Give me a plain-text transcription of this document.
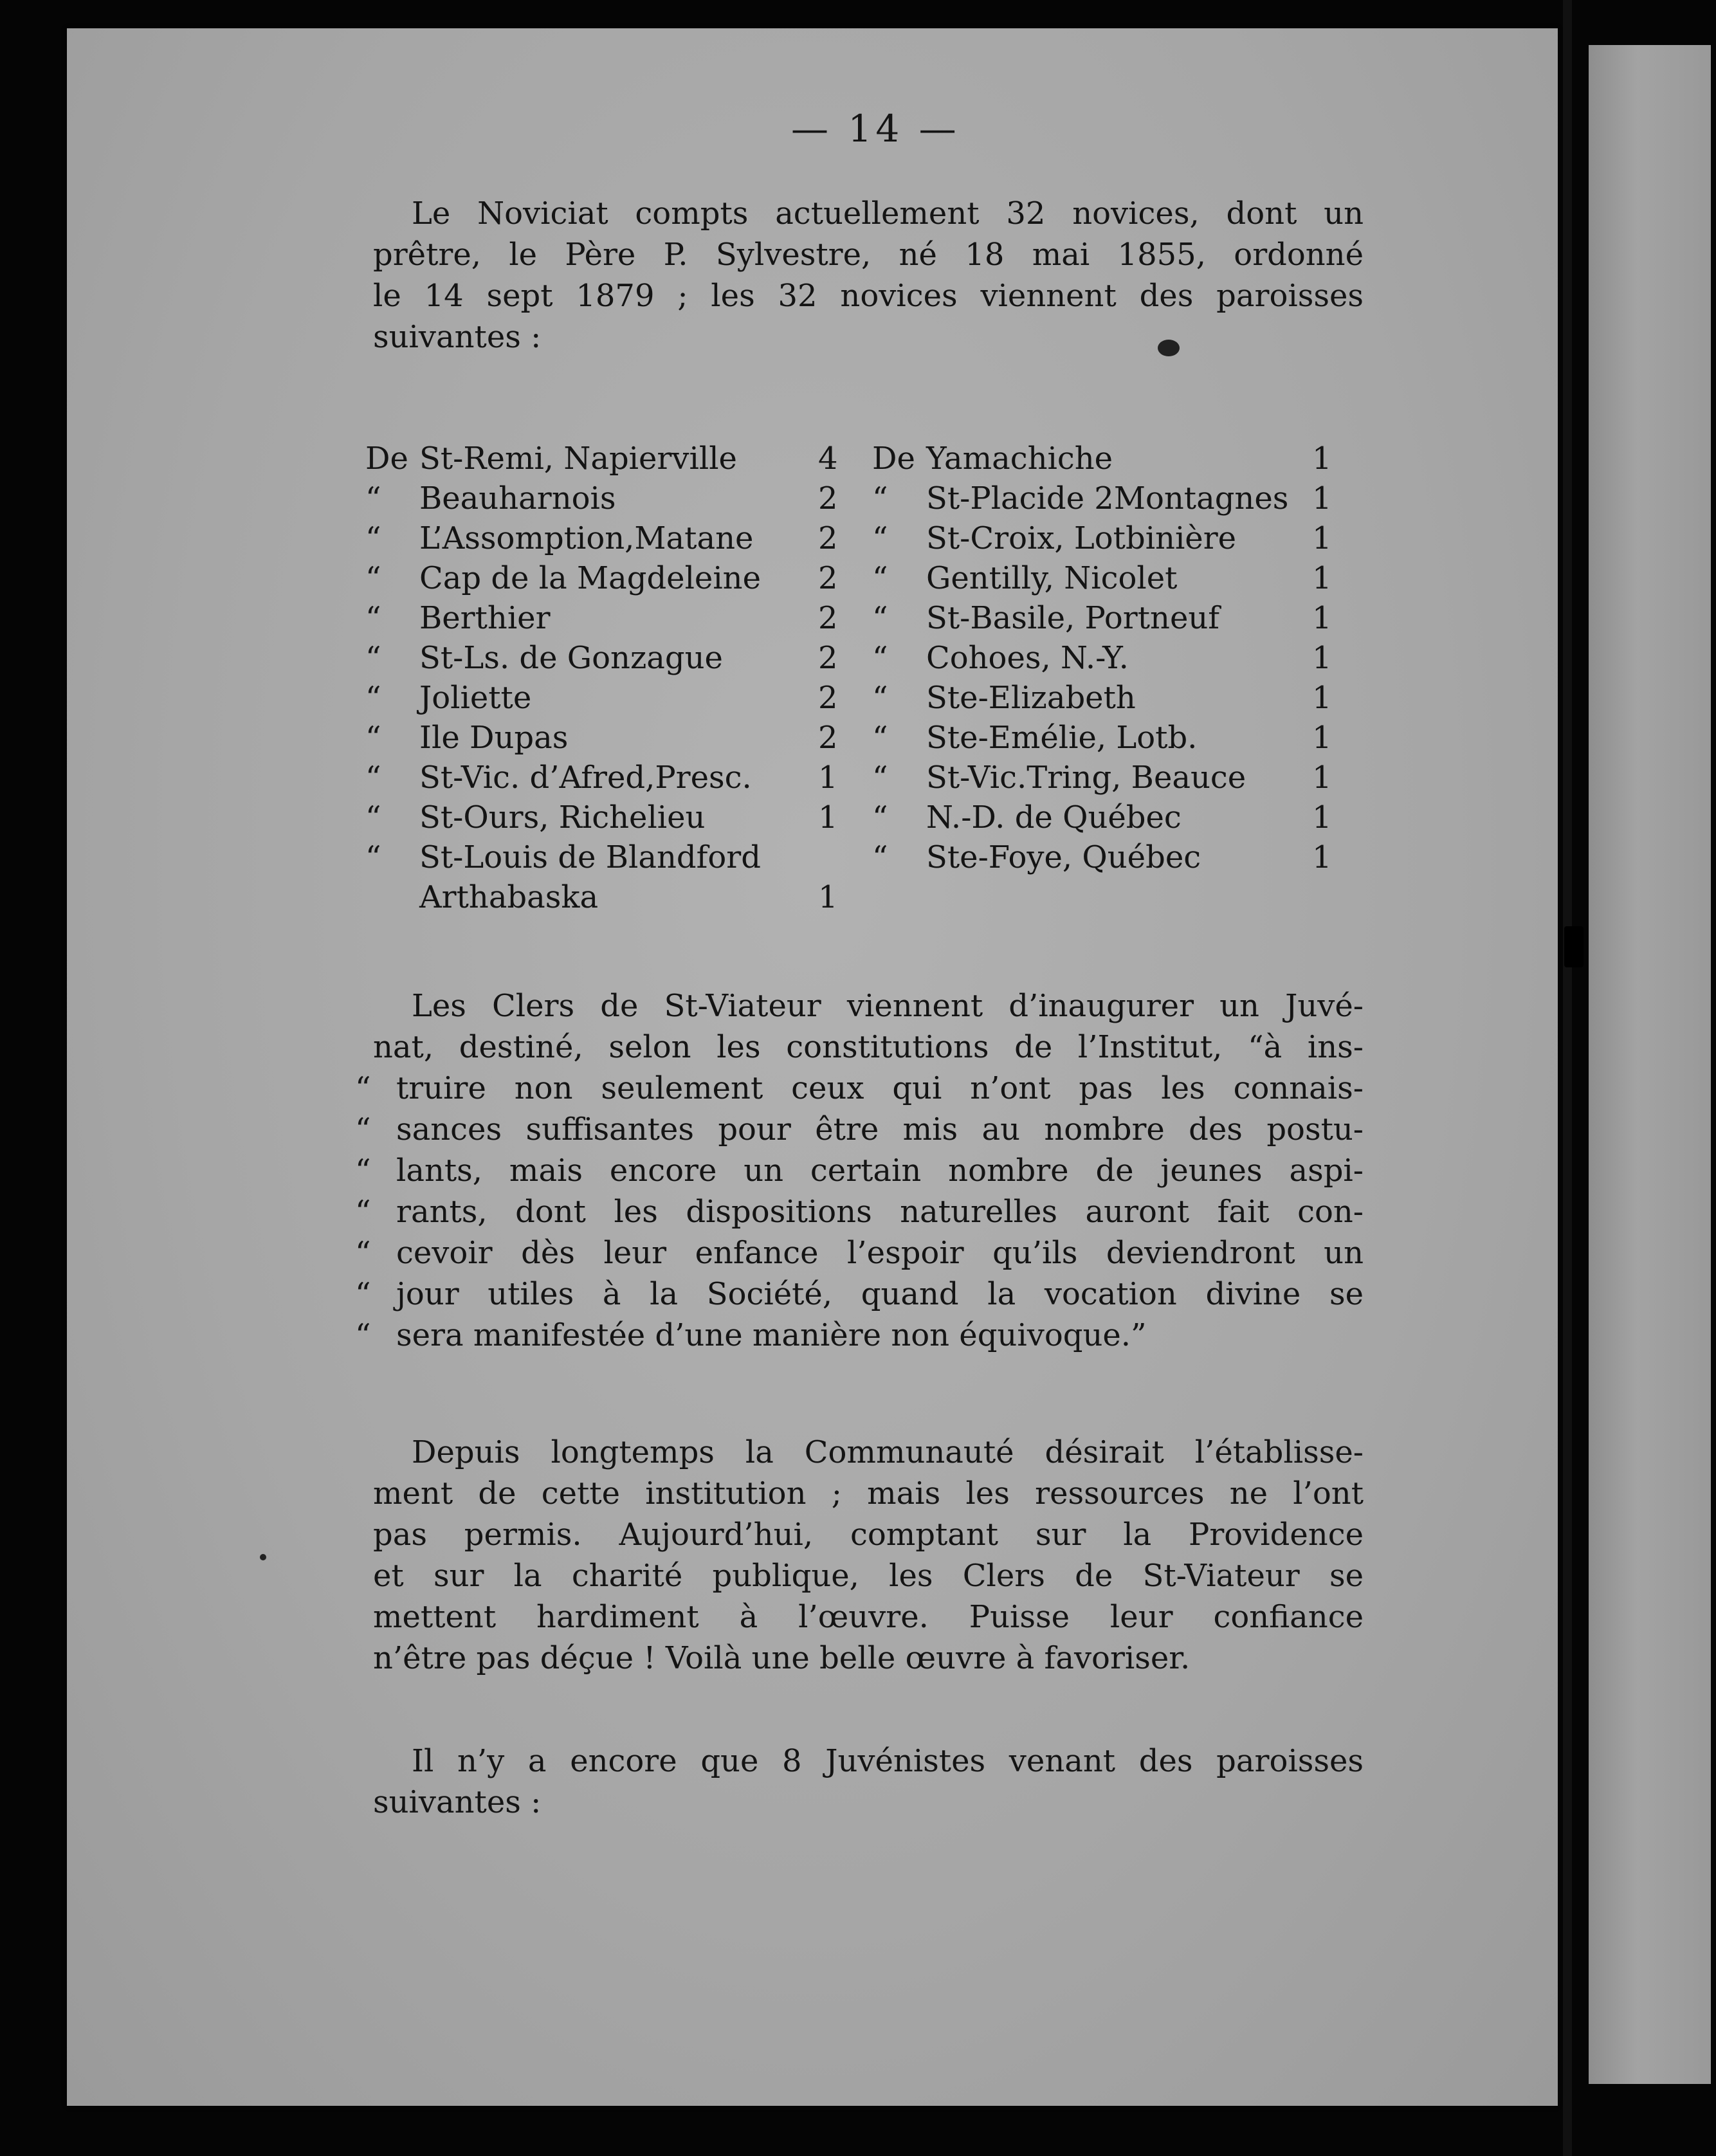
— 14 —

Le Noviciat compts actuellement 32 novices, dont un
prêtre, le Père P. Sylvestre, né 18 mai 1855, ordonné
le 14 sept 1879 ; les 32 novices viennent des paroisses
suivantes :

De	St-Remi, Napierville	4	De	Yamachiche	1
“	Beauharnois	2	“	St-Placide 2Montagnes	1
“	L’Assomption,Matane	2	“	St-Croix, Lotbinière	1
“	Cap de la Magdeleine	2	“	Gentilly, Nicolet	1
“	Berthier	2	“	St-Basile, Portneuf	1
“	St-Ls. de Gonzague	2	“	Cohoes, N.-Y.	1
“	Joliette	2	“	Ste-Elizabeth	1
“	Ile Dupas	2	“	Ste-Emélie, Lotb.	1
“	St-Vic. d’Afred,Presc.	1	“	St-Vic.Tring, Beauce	1
“	St-Ours, Richelieu	1	“	N.-D. de Québec	1
“	St-Louis de Blandford		“	Ste-Foye, Québec	1
	Arthabaska	1			

Les Clers de St-Viateur viennent d’inaugurer un Juvé-
nat, destiné, selon les constitutions de l’Institut, “à ins-
“ truire non seulement ceux qui n’ont pas les connais-
“ sances suffisantes pour être mis au nombre des postu-
“ lants, mais encore un certain nombre de jeunes aspi-
“ rants, dont les dispositions naturelles auront fait con-
“ cevoir dès leur enfance l’espoir qu’ils deviendront un
“ jour utiles à la Société, quand la vocation divine se
“ sera manifestée d’une manière non équivoque.”

Depuis longtemps la Communauté désirait l’établisse-
ment de cette institution ; mais les ressources ne l’ont
pas permis. Aujourd’hui, comptant sur la Providence
et sur la charité publique, les Clers de St-Viateur se
mettent hardiment à l’œuvre. Puisse leur confiance
n’être pas déçue ! Voilà une belle œuvre à favoriser.

Il n’y a encore que 8 Juvénistes venant des paroisses
suivantes :
